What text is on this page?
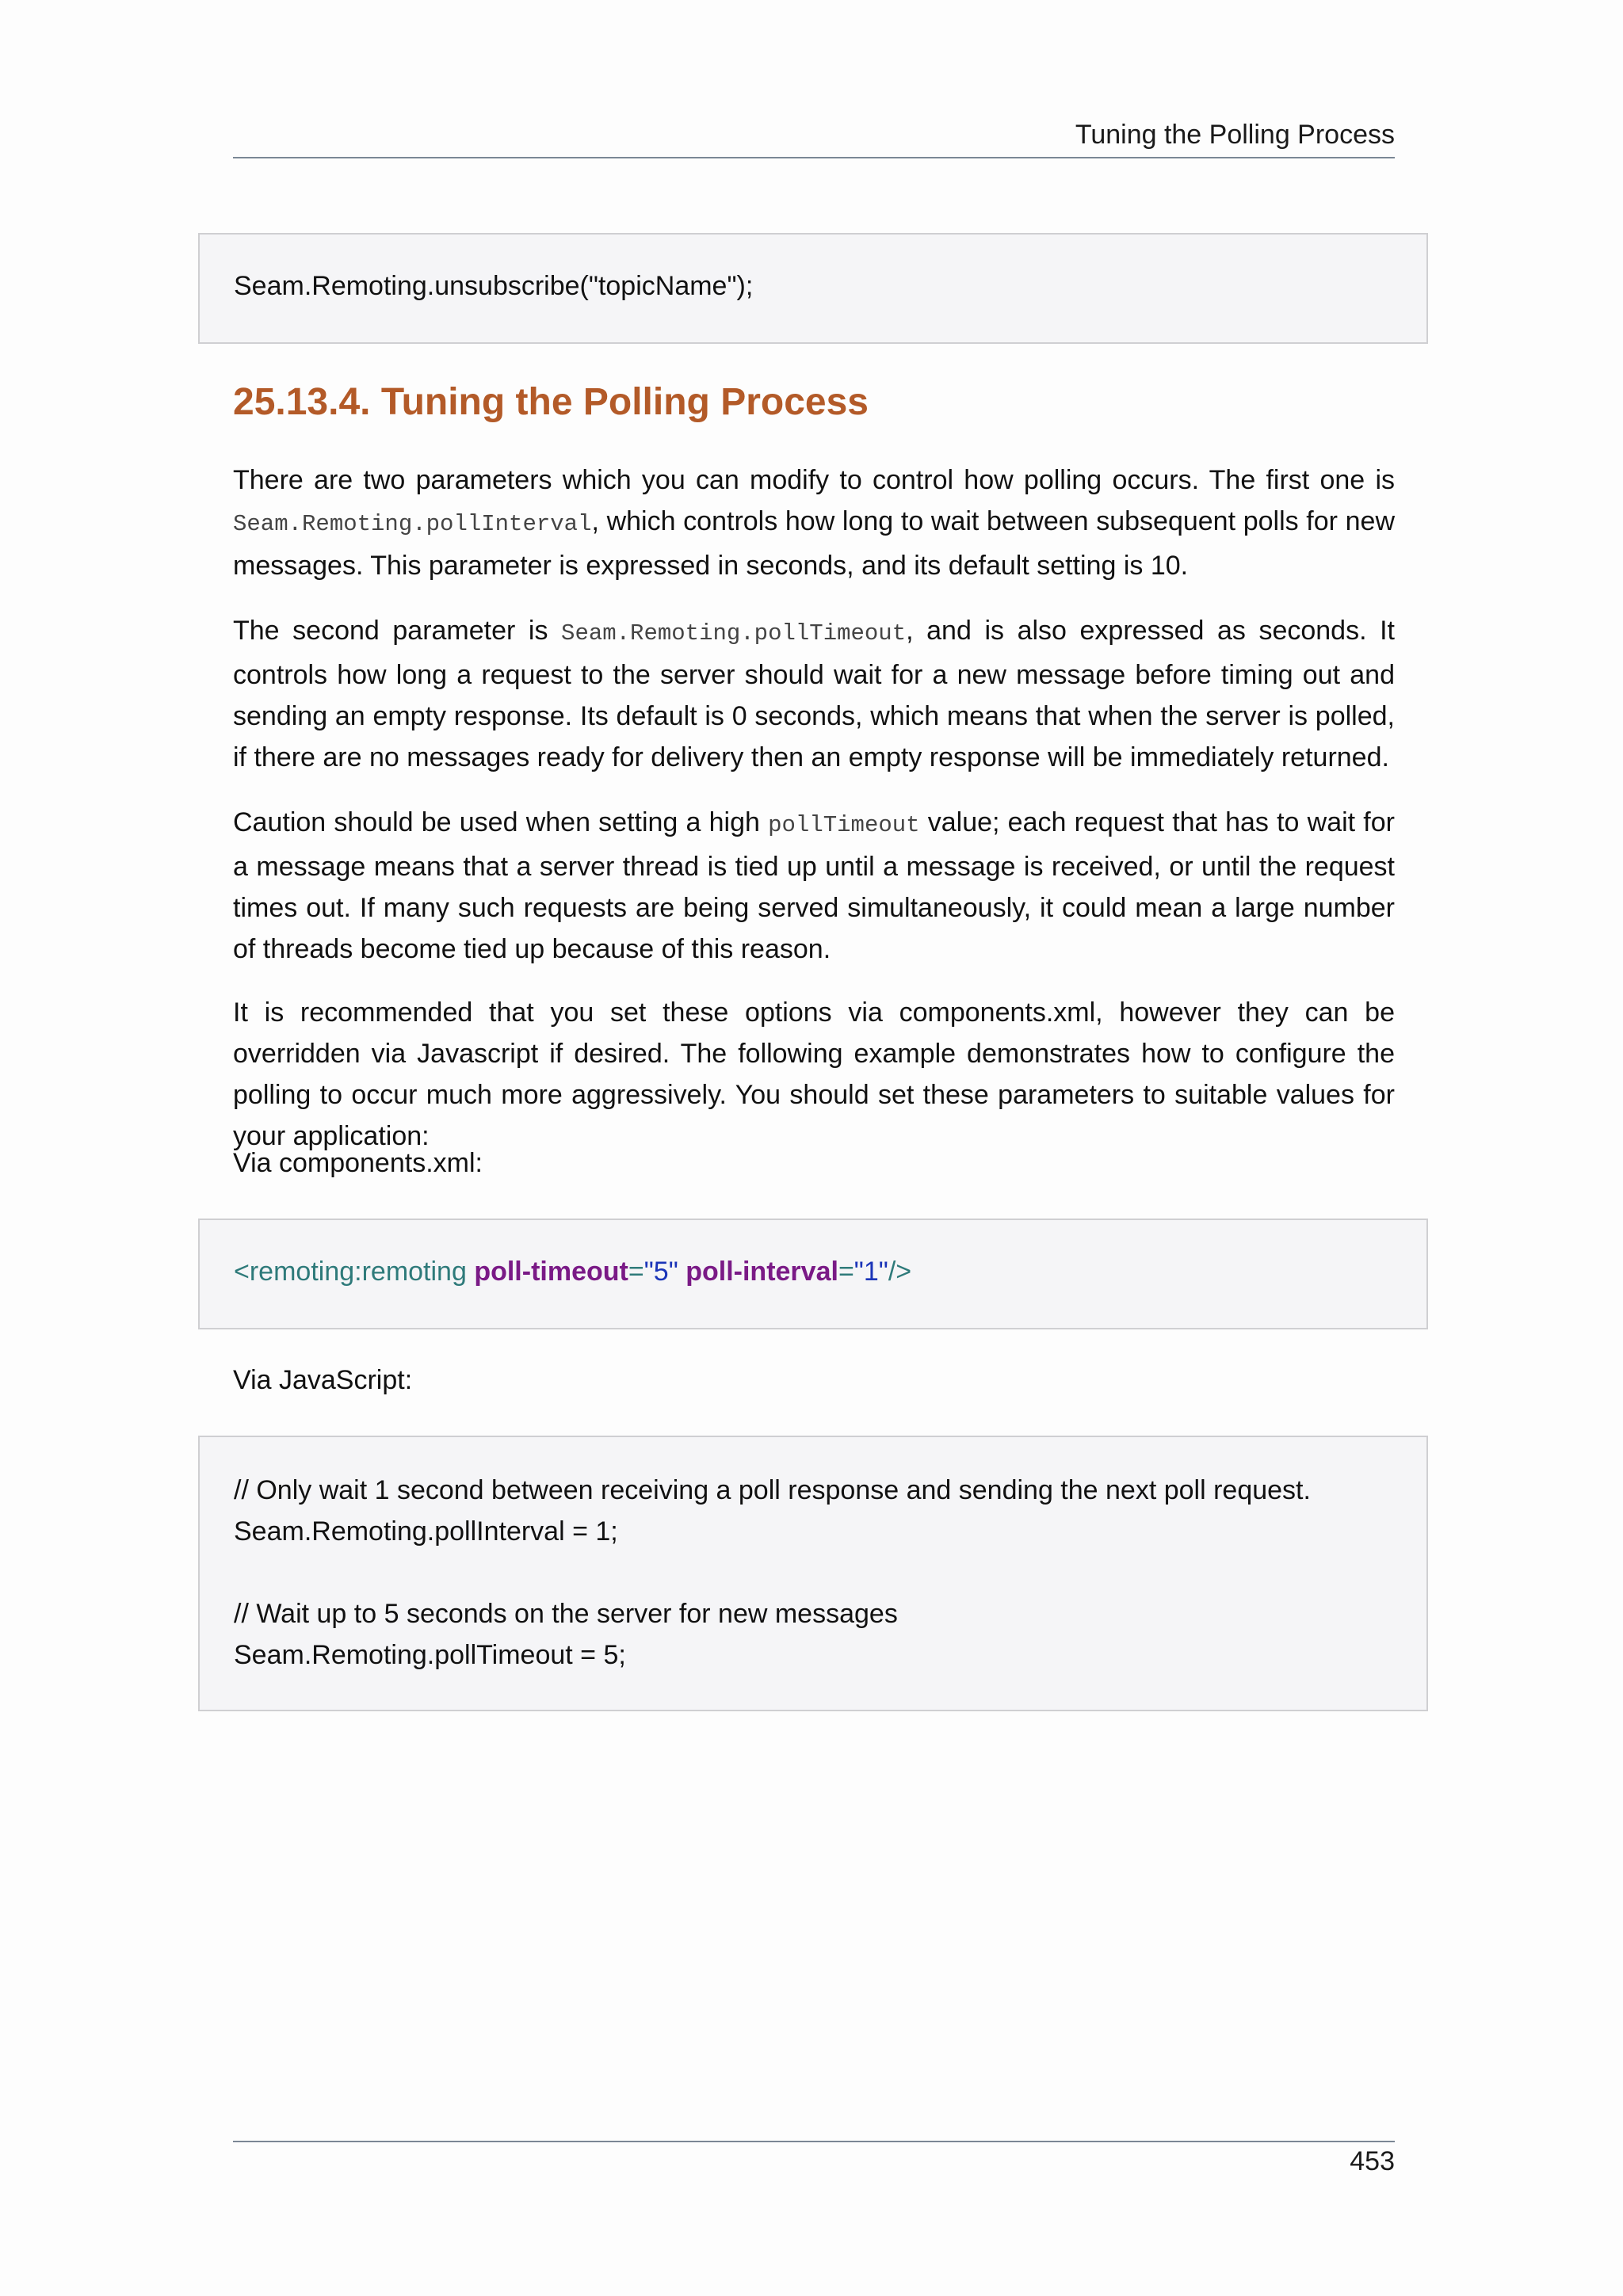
Tuning the Polling Process
Seam.Remoting.unsubscribe("topicName");
25.13.4. Tuning the Polling Process

There are two parameters which you can modify to control how polling occurs. The first one is Seam.Remoting.pollInterval, which controls how long to wait between subsequent polls for new messages. This parameter is expressed in seconds, and its default setting is 10.

The second parameter is Seam.Remoting.pollTimeout, and is also expressed as seconds. It controls how long a request to the server should wait for a new message before timing out and sending an empty response. Its default is 0 seconds, which means that when the server is polled, if there are no messages ready for delivery then an empty response will be immediately returned.

Caution should be used when setting a high pollTimeout value; each request that has to wait for a message means that a server thread is tied up until a message is received, or until the request times out. If many such requests are being served simultaneously, it could mean a large number of threads become tied up because of this reason.

It is recommended that you set these options via components.xml, however they can be overridden via Javascript if desired. The following example demonstrates how to configure the polling to occur much more aggressively. You should set these parameters to suitable values for your application:

Via components.xml:

<remoting:remoting poll-timeout="5" poll-interval="1"/>

Via JavaScript:

// Only wait 1 second between receiving a poll response and sending the next poll request.
Seam.Remoting.pollInterval = 1;
// Wait up to 5 seconds on the server for new messages
Seam.Remoting.pollTimeout = 5;
453
